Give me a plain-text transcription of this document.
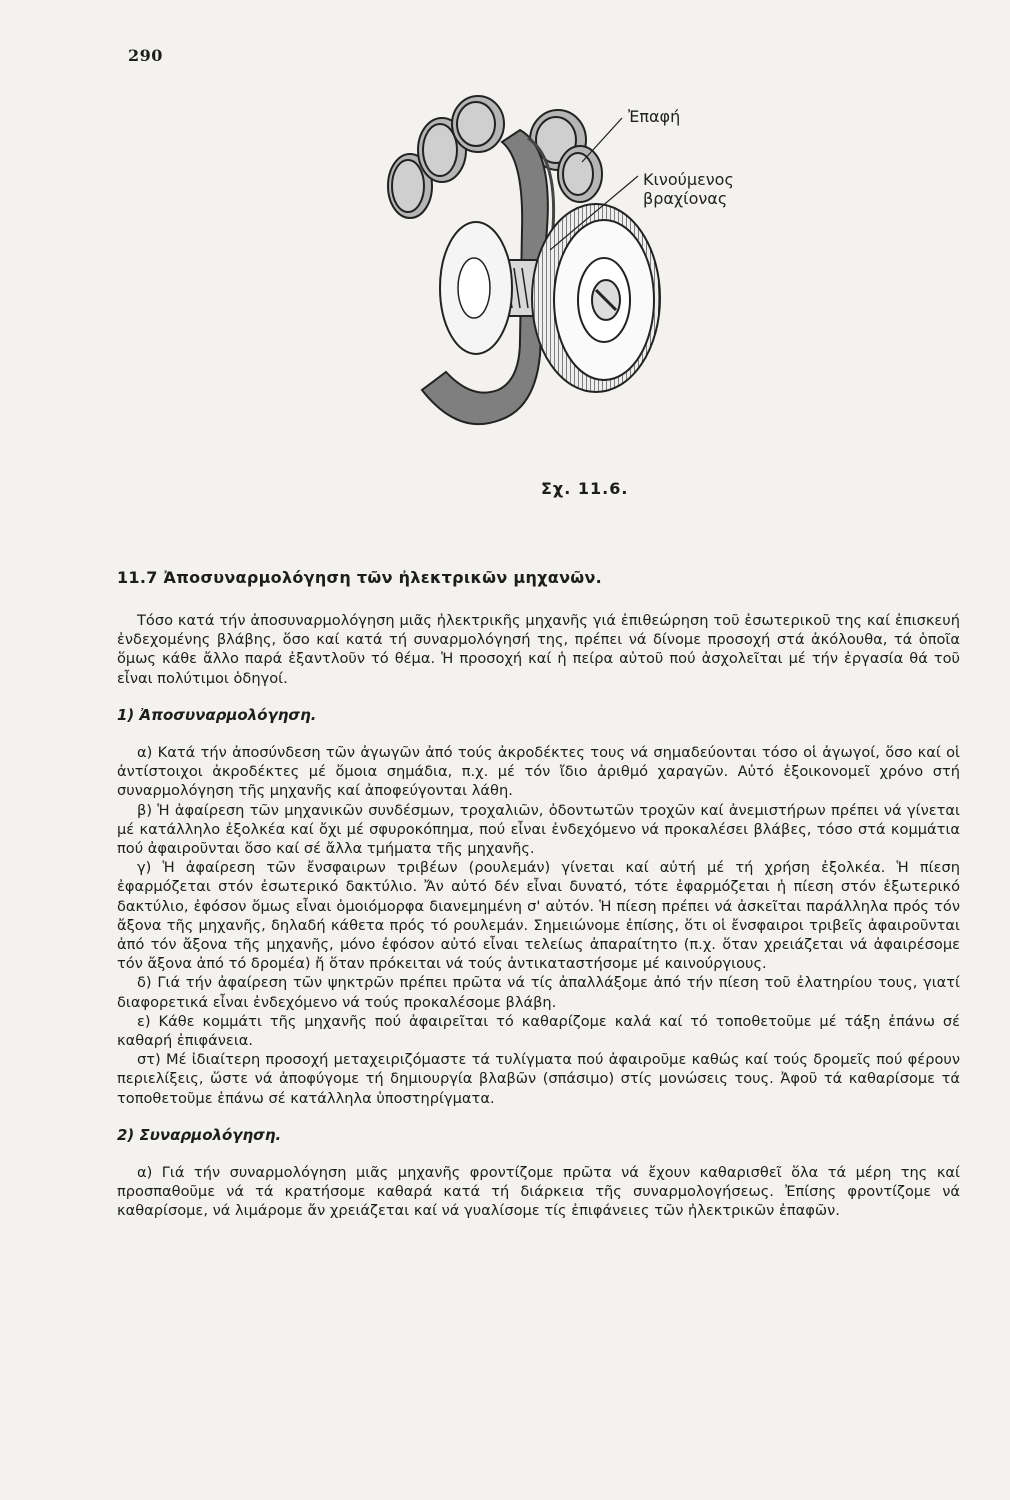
290
Ἐπαφή
Κινούμενος
βραχίονας
Σχ. 11.6.
11.7 Ἀποσυναρμολόγηση τῶν ἠλεκτρικῶν μηχανῶν.

Τόσο κατά τήν ἀποσυναρμολόγηση μιᾶς ἠλεκτρικῆς μηχανῆς γιά ἐπιθεώρηση τοῦ ἐσωτερικοῦ της καί ἐπισκευή ἐνδεχομένης βλάβης, ὅσο καί κατά τή συναρμολόγησή της, πρέπει νά δίνομε προσοχή στά ἀκόλουθα, τά ὁποῖα ὅμως κάθε ἄλλο παρά ἐξαντλοῦν τό θέμα. Ἡ προσοχή καί ἡ πείρα αὐτοῦ πού ἀσχολεῖται μέ τήν ἐργασία θά τοῦ εἶναι πολύτιμοι ὁδηγοί.

1) Ἀποσυναρμολόγηση.

α) Κατά τήν ἀποσύνδεση τῶν ἀγωγῶν ἀπό τούς ἀκροδέκτες τους νά σημαδεύονται τόσο οἱ ἀγωγοί, ὅσο καί οἱ ἀντίστοιχοι ἀκροδέκτες μέ ὅμοια σημάδια, π.χ. μέ τόν ἴδιο ἀριθμό χαραγῶν. Αὐτό ἐξοικονομεῖ χρόνο στή συναρμολόγηση τῆς μηχανῆς καί ἀποφεύγονται λάθη.

β) Ἡ ἀφαίρεση τῶν μηχανικῶν συνδέσμων, τροχαλιῶν, ὀδοντωτῶν τροχῶν καί ἀνεμιστήρων πρέπει νά γίνεται μέ κατάλληλο ἐξολκέα καί ὄχι μέ σφυροκόπημα, πού εἶναι ἐνδεχόμενο νά προκαλέσει βλάβες, τόσο στά κομμάτια πού ἀφαιροῦνται ὅσο καί σέ ἄλλα τμήματα τῆς μηχανῆς.

γ) Ἡ ἀφαίρεση τῶν ἔνσφαιρων τριβέων (ρουλεμάν) γίνεται καί αὐτή μέ τή χρήση ἐξολκέα. Ἡ πίεση ἐφαρμόζεται στόν ἐσωτερικό δακτύλιο. Ἄν αὐτό δέν εἶναι δυνατό, τότε ἐφαρμόζεται ἡ πίεση στόν ἐξωτερικό δακτύλιο, ἐφόσον ὅμως εἶναι ὁμοιόμορφα διανεμημένη σ' αὐτόν. Ἡ πίεση πρέπει νά ἀσκεῖται παράλληλα πρός τόν ἄξονα τῆς μηχανῆς, δηλαδή κάθετα πρός τό ρουλεμάν. Σημειώνομε ἐπίσης, ὅτι οἱ ἔνσφαιροι τριβεῖς ἀφαιροῦνται ἀπό τόν ἄξονα τῆς μηχανῆς, μόνο ἐφόσον αὐτό εἶναι τελείως ἀπαραίτητο (π.χ. ὅταν χρειάζεται νά ἀφαιρέσομε τόν ἄξονα ἀπό τό δρομέα) ἤ ὅταν πρόκειται νά τούς ἀντικαταστήσομε μέ καινούργιους.

δ) Γιά τήν ἀφαίρεση τῶν ψηκτρῶν πρέπει πρῶτα νά τίς ἀπαλλάξομε ἀπό τήν πίεση τοῦ ἐλατηρίου τους, γιατί διαφορετικά εἶναι ἐνδεχόμενο νά τούς προκαλέσομε βλάβη.

ε) Κάθε κομμάτι τῆς μηχανῆς πού ἀφαιρεῖται τό καθαρίζομε καλά καί τό τοποθετοῦμε μέ τάξη ἐπάνω σέ καθαρή ἐπιφάνεια.

στ) Μέ ἰδιαίτερη προσοχή μεταχειριζόμαστε τά τυλίγματα πού ἀφαιροῦμε καθώς καί τούς δρομεῖς πού φέρουν περιελίξεις, ὥστε νά ἀποφύγομε τή δημιουργία βλαβῶν (σπάσιμο) στίς μονώσεις τους. Ἀφοῦ τά καθαρίσομε τά τοποθετοῦμε ἐπάνω σέ κατάλληλα ὑποστηρίγματα.

2) Συναρμολόγηση.

α) Γιά τήν συναρμολόγηση μιᾶς μηχανῆς φροντίζομε πρῶτα νά ἔχουν καθαρισθεῖ ὅλα τά μέρη της καί προσπαθοῦμε νά τά κρατήσομε καθαρά κατά τή διάρκεια τῆς συναρμολογήσεως. Ἐπίσης φροντίζομε νά καθαρίσομε, νά λιμάρομε ἄν χρειάζεται καί νά γυαλίσομε τίς ἐπιφάνειες τῶν ἠλεκτρικῶν ἐπαφῶν.
